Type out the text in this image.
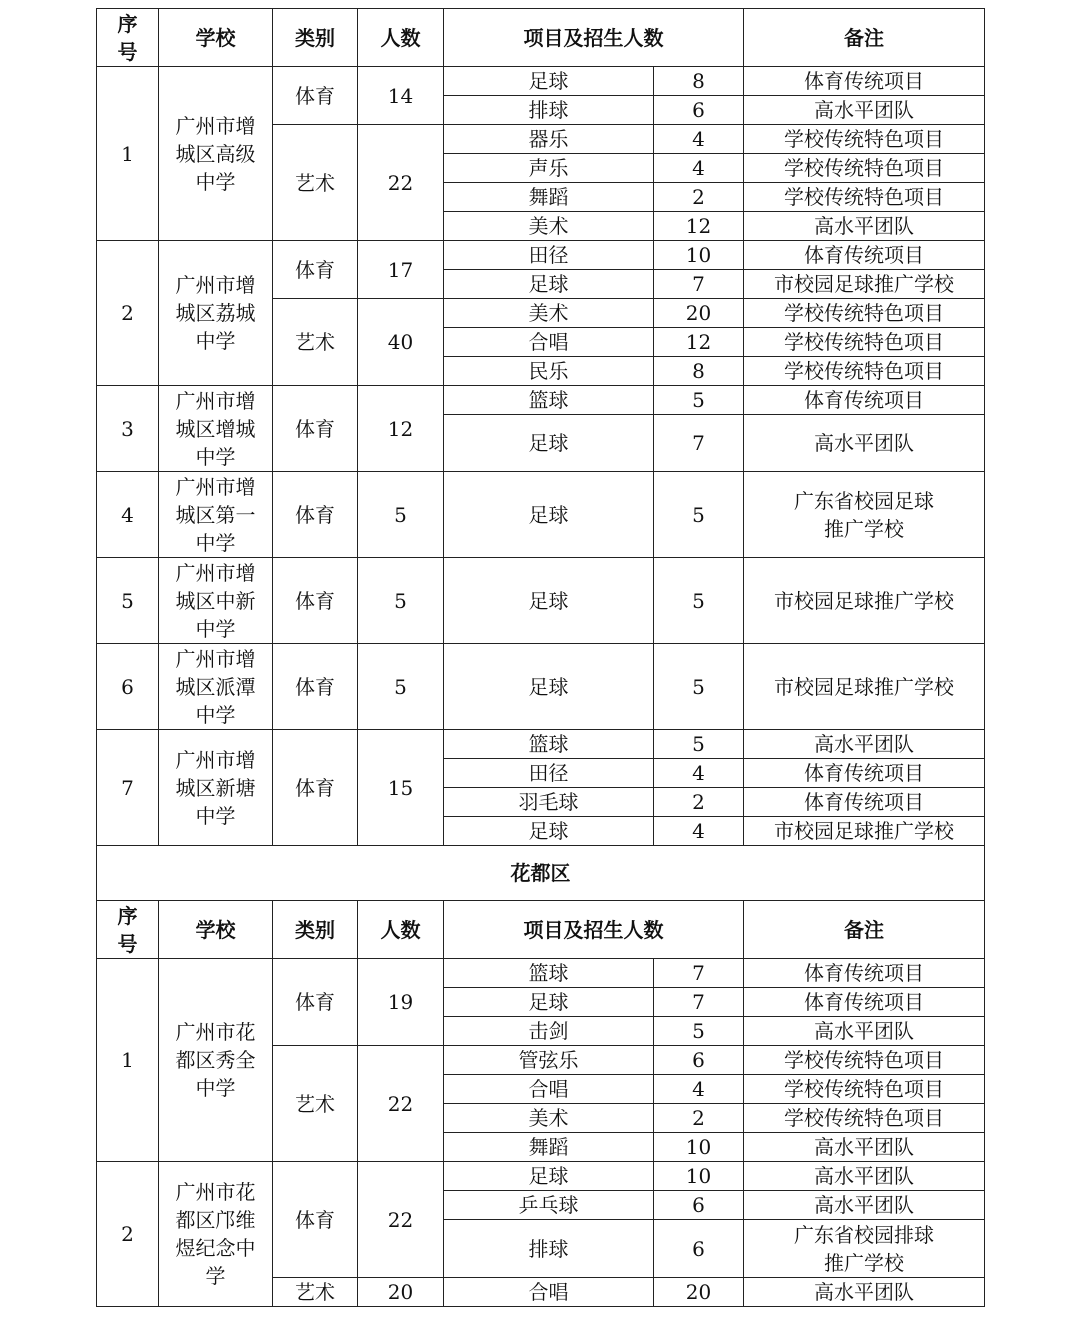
序
号	学校	类别	人数	项目及招生人数		备注
1	广州市增
城区高级
中学	体育	14	足球	8	体育传统项目
				排球	6	高水平团队
		艺术	22	器乐	4	学校传统特色项目
				声乐	4	学校传统特色项目
				舞蹈	2	学校传统特色项目
				美术	12	高水平团队
2	广州市增
城区荔城
中学	体育	17	田径	10	体育传统项目
				足球	7	市校园足球推广学校
		艺术	40	美术	20	学校传统特色项目
				合唱	12	学校传统特色项目
				民乐	8	学校传统特色项目
3	广州市增
城区增城
中学	体育	12	篮球	5	体育传统项目
				足球	7	高水平团队
4	广州市增
城区第一
中学	体育	5	足球	5	广东省校园足球
推广学校
5	广州市增
城区中新
中学	体育	5	足球	5	市校园足球推广学校
6	广州市增
城区派潭
中学	体育	5	足球	5	市校园足球推广学校
7	广州市增
城区新塘
中学	体育	15	篮球	5	高水平团队
				田径	4	体育传统项目
				羽毛球	2	体育传统项目
				足球	4	市校园足球推广学校
花都区						
序
号	学校	类别	人数	项目及招生人数		备注
1	广州市花
都区秀全
中学	体育	19	篮球	7	体育传统项目
				足球	7	体育传统项目
				击剑	5	高水平团队
		艺术	22	管弦乐	6	学校传统特色项目
				合唱	4	学校传统特色项目
				美术	2	学校传统特色项目
				舞蹈	10	高水平团队
2	广州市花
都区邝维
煜纪念中
学	体育	22	足球	10	高水平团队
				乒乓球	6	高水平团队
				排球	6	广东省校园排球
推广学校
		艺术	20	合唱	20	高水平团队
